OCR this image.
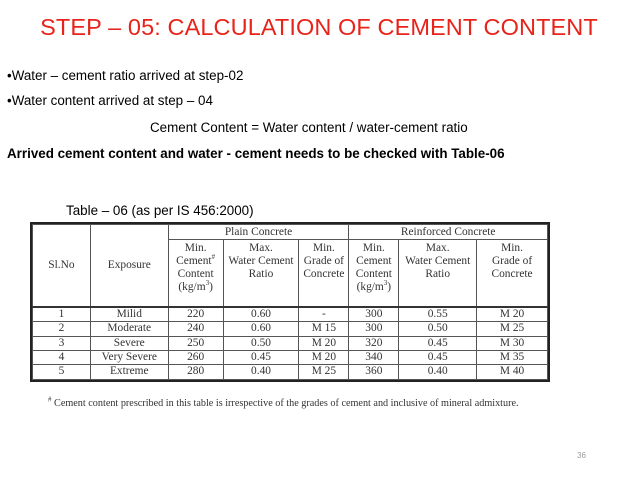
STEP – 05: CALCULATION OF CEMENT CONTENT
•Water – cement ratio arrived at step-02
•Water content arrived at step – 04
Cement Content = Water content / water-cement ratio
Arrived cement content and water - cement needs to be checked with Table-06
Table – 06 (as per IS 456:2000)
Sl.No	Exposure	Plain Concrete			Reinforced Concrete		
		Min.
Cement#
Content
$(kg/m^3)$	Max.
Water Cement
Ratio	Min.
Grade of
Concrete	Min.
Cement
Content
$(kg/m^3)$	Max.
Water Cement
Ratio	Min.
Grade of
Concrete
1	Milid	220	0.60	-	300	0.55	M 20
2	Moderate	240	0.60	M 15	300	0.50	M 25
3	Severe	250	0.50	M 20	320	0.45	M 30
4	Very Severe	260	0.45	M 20	340	0.45	M 35
5	Extreme	280	0.40	M 25	360	0.40	M 40
# Cement content prescribed in this table is irrespective of the grades of cement and inclusive of mineral admixture.
36
